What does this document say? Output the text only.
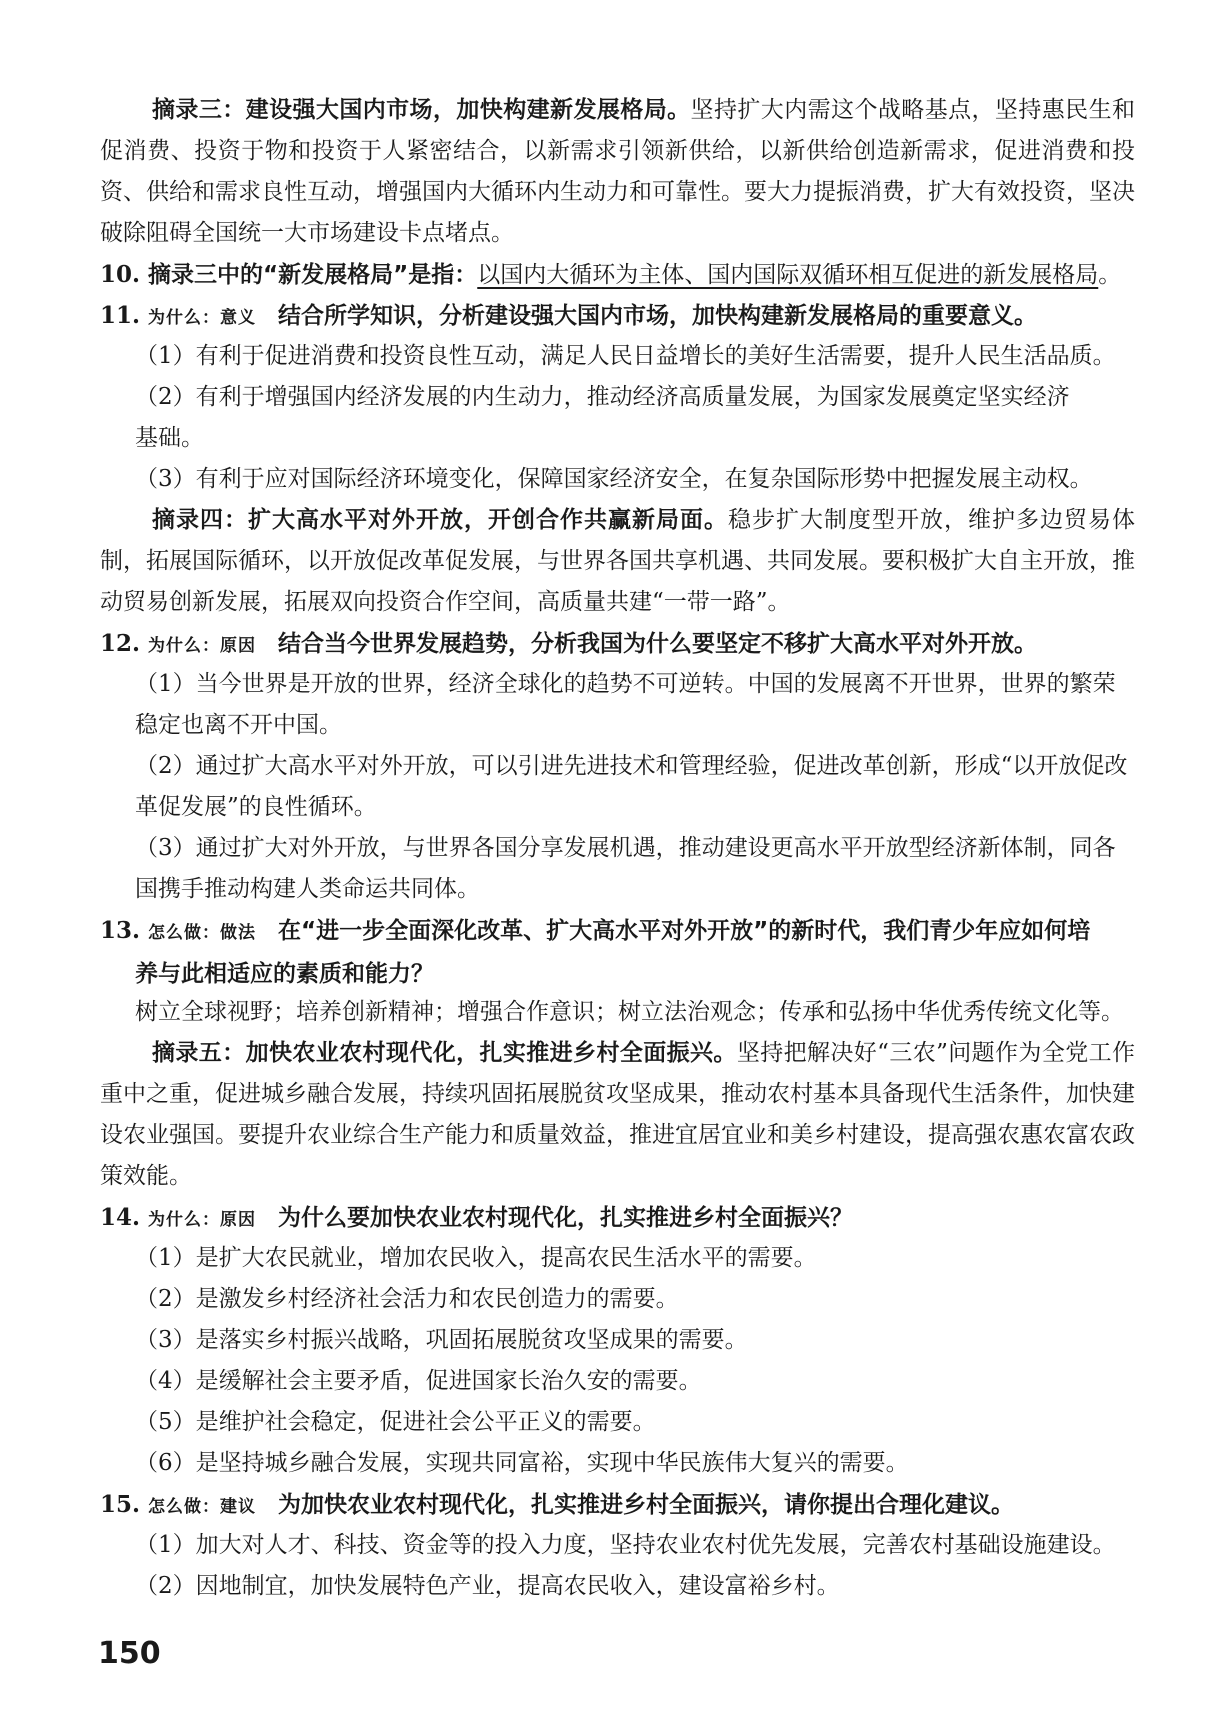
摘录三：建设强大国内市场，加快构建新发展格局。坚持扩大内需这个战略基点，坚持惠民生和促消费、投资于物和投资于人紧密结合，以新需求引领新供给，以新供给创造新需求，促进消费和投资、供给和需求良性互动，增强国内大循环内生动力和可靠性。要大力提振消费，扩大有效投资，坚决破除阻碍全国统一大市场建设卡点堵点。

10. 摘录三中的“新发展格局”是指：以国内大循环为主体、国内国际双循环相互促进的新发展格局。

11. 为什么：意义 结合所学知识，分析建设强大国内市场，加快构建新发展格局的重要意义。

（1）有利于促进消费和投资良性互动，满足人民日益增长的美好生活需要，提升人民生活品质。

（2）有利于增强国内经济发展的内生动力，推动经济高质量发展，为国家发展奠定坚实经济
基础。

（3）有利于应对国际经济环境变化，保障国家经济安全，在复杂国际形势中把握发展主动权。

摘录四：扩大高水平对外开放，开创合作共赢新局面。稳步扩大制度型开放，维护多边贸易体制，拓展国际循环，以开放促改革促发展，与世界各国共享机遇、共同发展。要积极扩大自主开放，推动贸易创新发展，拓展双向投资合作空间，高质量共建“一带一路”。

12. 为什么：原因 结合当今世界发展趋势，分析我国为什么要坚定不移扩大高水平对外开放。

（1）当今世界是开放的世界，经济全球化的趋势不可逆转。中国的发展离不开世界，世界的繁荣
稳定也离不开中国。

（2）通过扩大高水平对外开放，可以引进先进技术和管理经验，促进改革创新，形成“以开放促改
革促发展”的良性循环。

（3）通过扩大对外开放，与世界各国分享发展机遇，推动建设更高水平开放型经济新体制，同各
国携手推动构建人类命运共同体。

13. 怎么做：做法 在“进一步全面深化改革、扩大高水平对外开放”的新时代，我们青少年应如何培
养与此相适应的素质和能力？

树立全球视野；培养创新精神；增强合作意识；树立法治观念；传承和弘扬中华优秀传统文化等。

摘录五：加快农业农村现代化，扎实推进乡村全面振兴。坚持把解决好“三农”问题作为全党工作重中之重，促进城乡融合发展，持续巩固拓展脱贫攻坚成果，推动农村基本具备现代生活条件，加快建设农业强国。要提升农业综合生产能力和质量效益，推进宜居宜业和美乡村建设，提高强农惠农富农政策效能。

14. 为什么：原因 为什么要加快农业农村现代化，扎实推进乡村全面振兴？

（1）是扩大农民就业，增加农民收入，提高农民生活水平的需要。

（2）是激发乡村经济社会活力和农民创造力的需要。

（3）是落实乡村振兴战略，巩固拓展脱贫攻坚成果的需要。

（4）是缓解社会主要矛盾，促进国家长治久安的需要。

（5）是维护社会稳定，促进社会公平正义的需要。

（6）是坚持城乡融合发展，实现共同富裕，实现中华民族伟大复兴的需要。

15. 怎么做：建议 为加快农业农村现代化，扎实推进乡村全面振兴，请你提出合理化建议。

（1）加大对人才、科技、资金等的投入力度，坚持农业农村优先发展，完善农村基础设施建设。

（2）因地制宜，加快发展特色产业，提高农民收入，建设富裕乡村。

150
